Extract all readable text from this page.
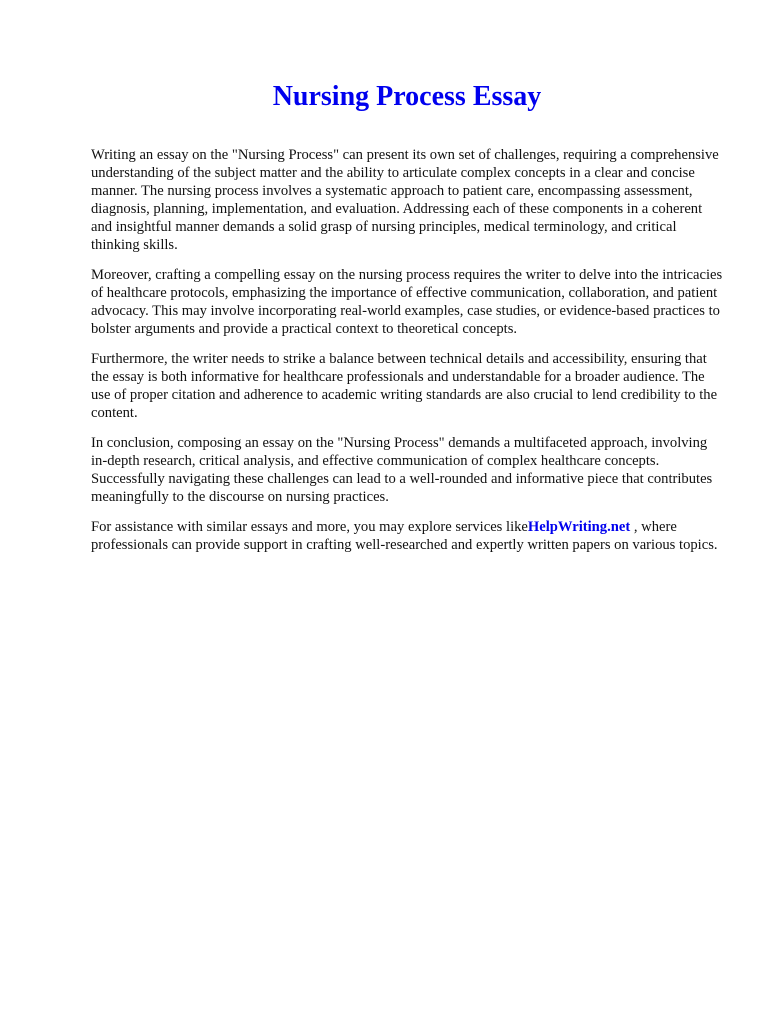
Nursing Process Essay

Writing an essay on the "Nursing Process" can present its own set of challenges, requiring a comprehensive understanding of the subject matter and the ability to articulate complex concepts in a clear and concise manner. The nursing process involves a systematic approach to patient care, encompassing assessment, diagnosis, planning, implementation, and evaluation. Addressing each of these components in a coherent and insightful manner demands a solid grasp of nursing principles, medical terminology, and critical thinking skills.

Moreover, crafting a compelling essay on the nursing process requires the writer to delve into the intricacies of healthcare protocols, emphasizing the importance of effective communication, collaboration, and patient advocacy. This may involve incorporating real-world examples, case studies, or evidence-based practices to bolster arguments and provide a practical context to theoretical concepts.

Furthermore, the writer needs to strike a balance between technical details and accessibility, ensuring that the essay is both informative for healthcare professionals and understandable for a broader audience. The use of proper citation and adherence to academic writing standards are also crucial to lend credibility to the content.

In conclusion, composing an essay on the "Nursing Process" demands a multifaceted approach, involving in-depth research, critical analysis, and effective communication of complex healthcare concepts. Successfully navigating these challenges can lead to a well-rounded and informative piece that contributes meaningfully to the discourse on nursing practices.

For assistance with similar essays and more, you may explore services likeHelpWriting.net , where professionals can provide support in crafting well-researched and expertly written papers on various topics.
